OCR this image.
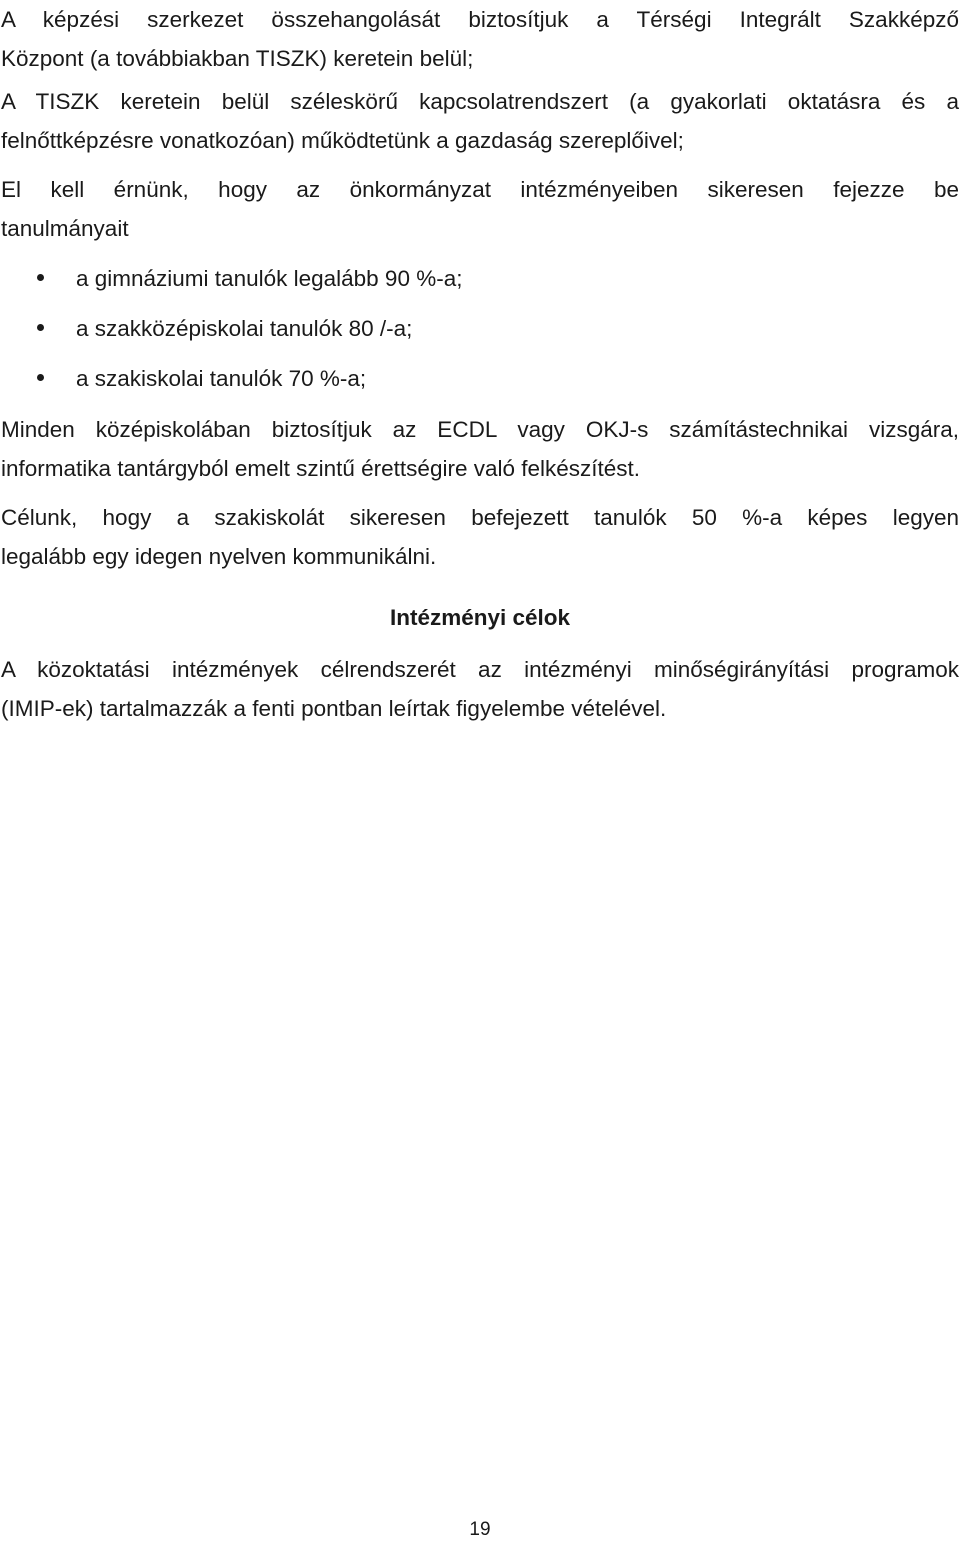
A képzési szerkezet összehangolását biztosítjuk a Térségi Integrált Szakképző
Központ (a továbbiakban TISZK) keretein belül;

A TISZK keretein belül széleskörű kapcsolatrendszert (a gyakorlati oktatásra és a
felnőttképzésre vonatkozóan) működtetünk a gazdaság szereplőivel;

El kell érnünk, hogy az önkormányzat intézményeiben sikeresen fejezze be
tanulmányait

a gimnáziumi tanulók legalább 90 %-a;
a szakközépiskolai tanulók 80 /-a;
a szakiskolai tanulók 70 %-a;

Minden középiskolában biztosítjuk az ECDL vagy OKJ-s számítástechnikai vizsgára,
informatika tantárgyból emelt szintű érettségire való felkészítést.

Célunk, hogy a szakiskolát sikeresen befejezett tanulók 50 %-a képes legyen
legalább egy idegen nyelven kommunikálni.

Intézményi célok

A közoktatási intézmények célrendszerét az intézményi minőségirányítási programok
(IMIP-ek) tartalmazzák a fenti pontban leírtak figyelembe vételével.

19
